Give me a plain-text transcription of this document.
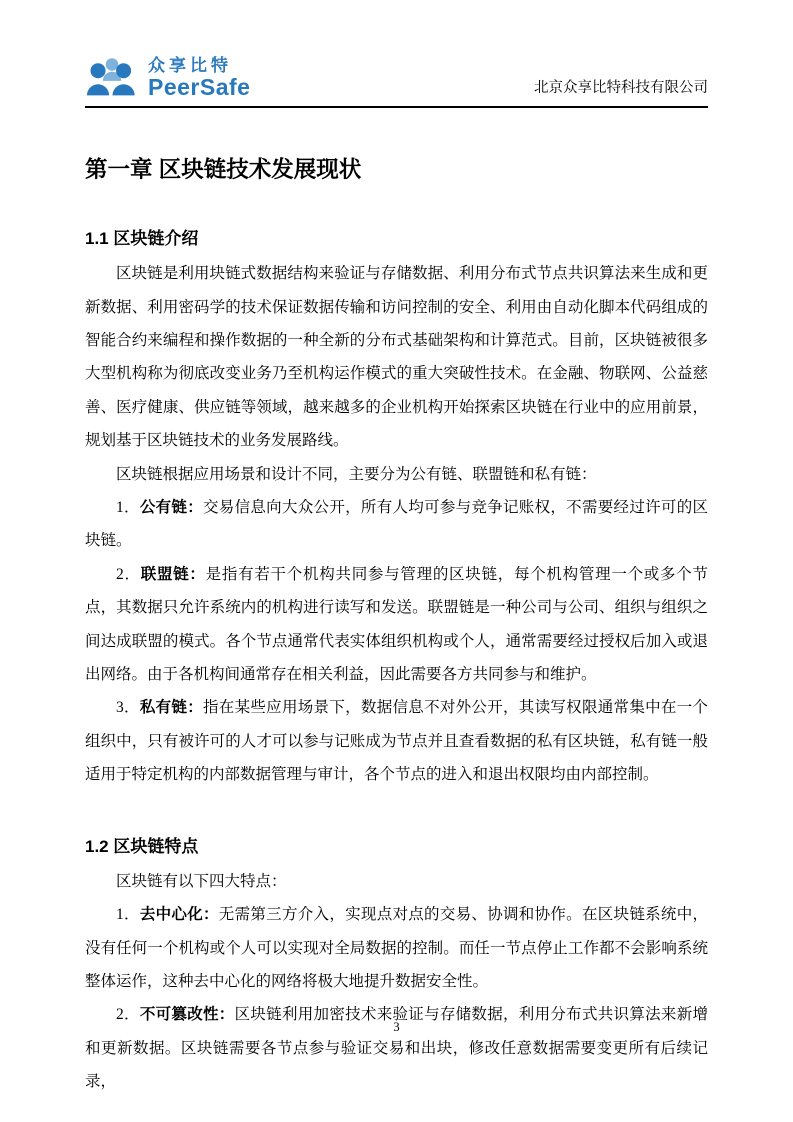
众享比特
PeerSafe	北京众享比特科技有限公司
第一章 区块链技术发展现状
1.1 区块链介绍

区块链是利用块链式数据结构来验证与存储数据、利用分布式节点共识算法来生成和更新数据、利用密码学的技术保证数据传输和访问控制的安全、利用由自动化脚本代码组成的智能合约来编程和操作数据的一种全新的分布式基础架构和计算范式。目前，区块链被很多大型机构称为彻底改变业务乃至机构运作模式的重大突破性技术。在金融、物联网、公益慈善、医疗健康、供应链等领域，越来越多的企业机构开始探索区块链在行业中的应用前景，规划基于区块链技术的业务发展路线。

区块链根据应用场景和设计不同，主要分为公有链、联盟链和私有链：

1．公有链：交易信息向大众公开，所有人均可参与竞争记账权，不需要经过许可的区块链。

2．联盟链：是指有若干个机构共同参与管理的区块链，每个机构管理一个或多个节点，其数据只允许系统内的机构进行读写和发送。联盟链是一种公司与公司、组织与组织之间达成联盟的模式。各个节点通常代表实体组织机构或个人，通常需要经过授权后加入或退出网络。由于各机构间通常存在相关利益，因此需要各方共同参与和维护。

3．私有链：指在某些应用场景下，数据信息不对外公开，其读写权限通常集中在一个组织中，只有被许可的人才可以参与记账成为节点并且查看数据的私有区块链，私有链一般适用于特定机构的内部数据管理与审计，各个节点的进入和退出权限均由内部控制。

1.2 区块链特点

区块链有以下四大特点：

1．去中心化：无需第三方介入，实现点对点的交易、协调和协作。在区块链系统中，没有任何一个机构或个人可以实现对全局数据的控制。而任一节点停止工作都不会影响系统整体运作，这种去中心化的网络将极大地提升数据安全性。

2．不可篡改性：区块链利用加密技术来验证与存储数据，利用分布式共识算法来新增和更新数据。区块链需要各节点参与验证交易和出块，修改任意数据需要变更所有后续记录，

3
